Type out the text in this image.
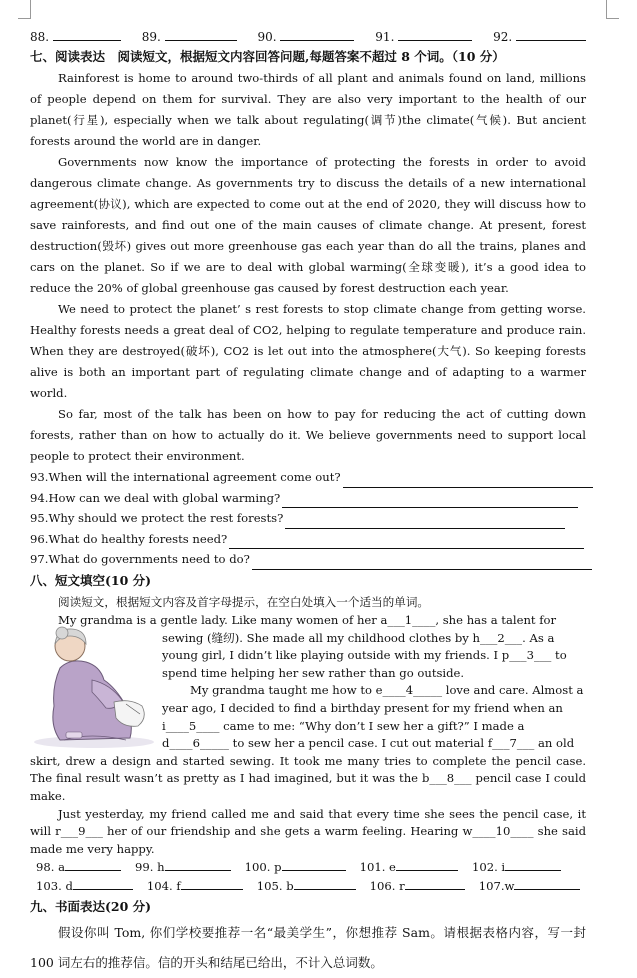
88.	89.	90.	91.	92.
七、阅读表达　阅读短文，根据短文内容回答问题,每题答案不超过 8 个词。（10 分）

Rainforest is home to around two-thirds of all plant and animals found on land, millions of people depend on them for survival. They are also very important to the health of our planet(行星), especially when we talk about regulating(调节)the climate(气候). But ancient forests around the world are in danger.

Governments now know the importance of protecting the forests in order to avoid dangerous climate change. As governments try to discuss the details of a new international agreement(协议), which are expected to come out at the end of 2020, they will discuss how to save rainforests, and find out one of the main causes of climate change. At present, forest destruction(毁坏) gives out more greenhouse gas each year than do all the trains, planes and cars on the planet. So if we are to deal with global warming(全球变暖), it’s a good idea to reduce the 20% of global greenhouse gas caused by forest destruction each year.

We need to protect the planet’ s rest forests to stop climate change from getting worse. Healthy forests needs a great deal of CO2, helping to regulate temperature and produce rain. When they are destroyed(破坏), CO2 is let out into the atmosphere(大气). So keeping forests alive is both an important part of regulating climate change and of adapting to a warmer world.

So far, most of the talk has been on how to pay for reducing the act of cutting down forests, rather than on how to actually do it. We believe governments need to support local people to protect their environment.

93.When will the international agreement come out?
94.How can we deal with global warming?
95.Why should we protect the rest forests?
96.What do healthy forests need?
97.What do governments need to do?
八、短文填空(10 分)
阅读短文，根据短文内容及首字母提示，在空白处填入一个适当的单词。
My grandma is a gentle lady. Like many women of her a___1____, she has a talent for
sewing (缝纫). She made all my childhood clothes by h___2___. As a
young girl, I didn’t like playing outside with my friends. I p___3___ to
spend time helping her sew rather than go outside.
My grandma taught me how to e____4_____ love and care. Almost a
year ago, I decided to find a birthday present for my friend when an
i____5____ came to me: “Why don’t I sew her a gift?” I made a
d____6_____ to sew her a pencil case. I cut out material f___7___ an old
skirt, drew a design and started sewing. It took me many tries to complete the pencil case. The final result wasn’t as pretty as I had imagined, but it was the b___8___ pencil case I could make.
Just yesterday, my friend called me and said that every time she sees the pencil case, it will r___9___ her of our friendship and she gets a warm feeling. Hearing w____10____ she said made me very happy.
98. a	99. h	100. p	101. e	102. i
103. d	104. f	105. b	106. r	107.w
九、书面表达(20 分)

假设你叫 Tom, 你们学校要推荐一名“最美学生”，你想推荐 Sam。请根据表格内容，写一封 100 词左右的推荐信。信的开头和结尾已给出，不计入总词数。
